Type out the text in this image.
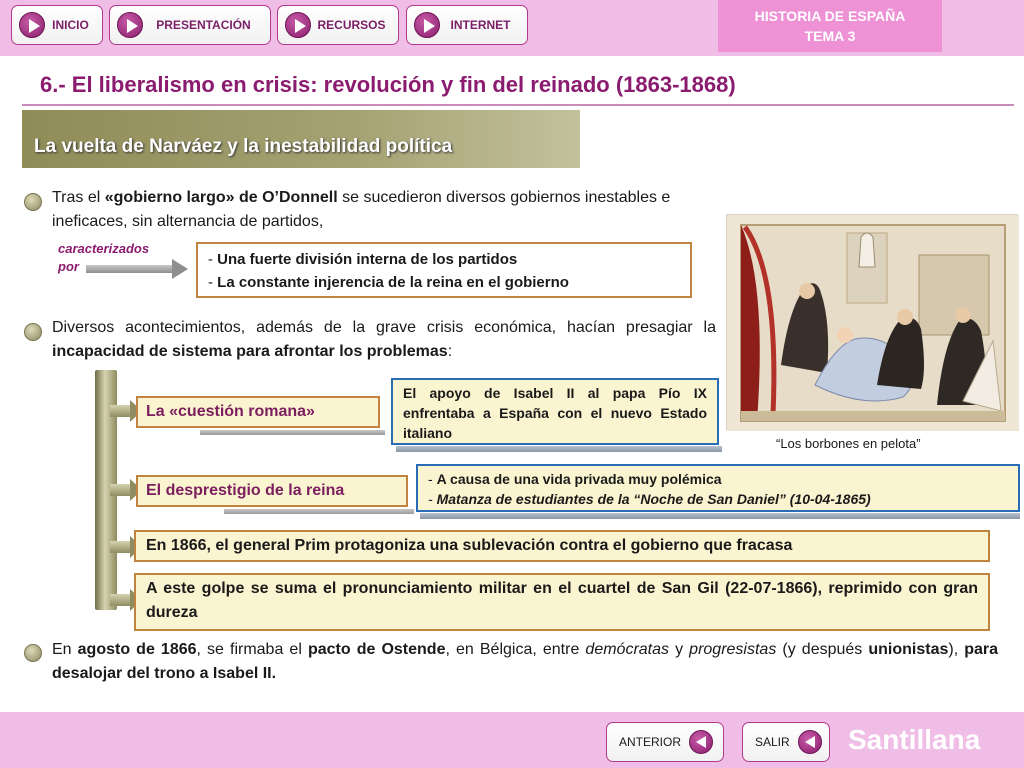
INICIO	PRESENTACIÓN	RECURSOS	INTERNET
HISTORIA DE ESPAÑA
TEMA 3
6.- El liberalismo en crisis: revolución y fin del reinado (1863-1868)
La vuelta de Narváez y la inestabilidad política
Tras el «gobierno largo» de O’Donnell se sucedieron diversos gobiernos inestables e ineficaces, sin alternancia de partidos,
caracterizados
por
-	Una fuerte división interna de los partidos
- La constante injerencia de la reina en el gobierno
Diversos acontecimientos, además de la grave crisis económica, hacían presagiar la incapacidad de sistema para afrontar los problemas:
“Los borbones en pelota”
La «cuestión romana»
El apoyo de Isabel II al papa Pío IX enfrentaba a España con el nuevo Estado italiano
El desprestigio de la reina
- A causa de una vida privada muy polémica
- Matanza de estudiantes de la “Noche de San Daniel” (10-04-1865)
En 1866, el general Prim protagoniza una sublevación contra el gobierno que fracasa
A este golpe se suma el pronunciamiento militar en el cuartel de San Gil (22-07-1866), reprimido con gran dureza
En agosto de 1866, se firmaba el pacto de Ostende, en Bélgica, entre demócratas y progresistas (y después unionistas), para desalojar del trono a Isabel II.
ANTERIOR	SALIR Santillana
